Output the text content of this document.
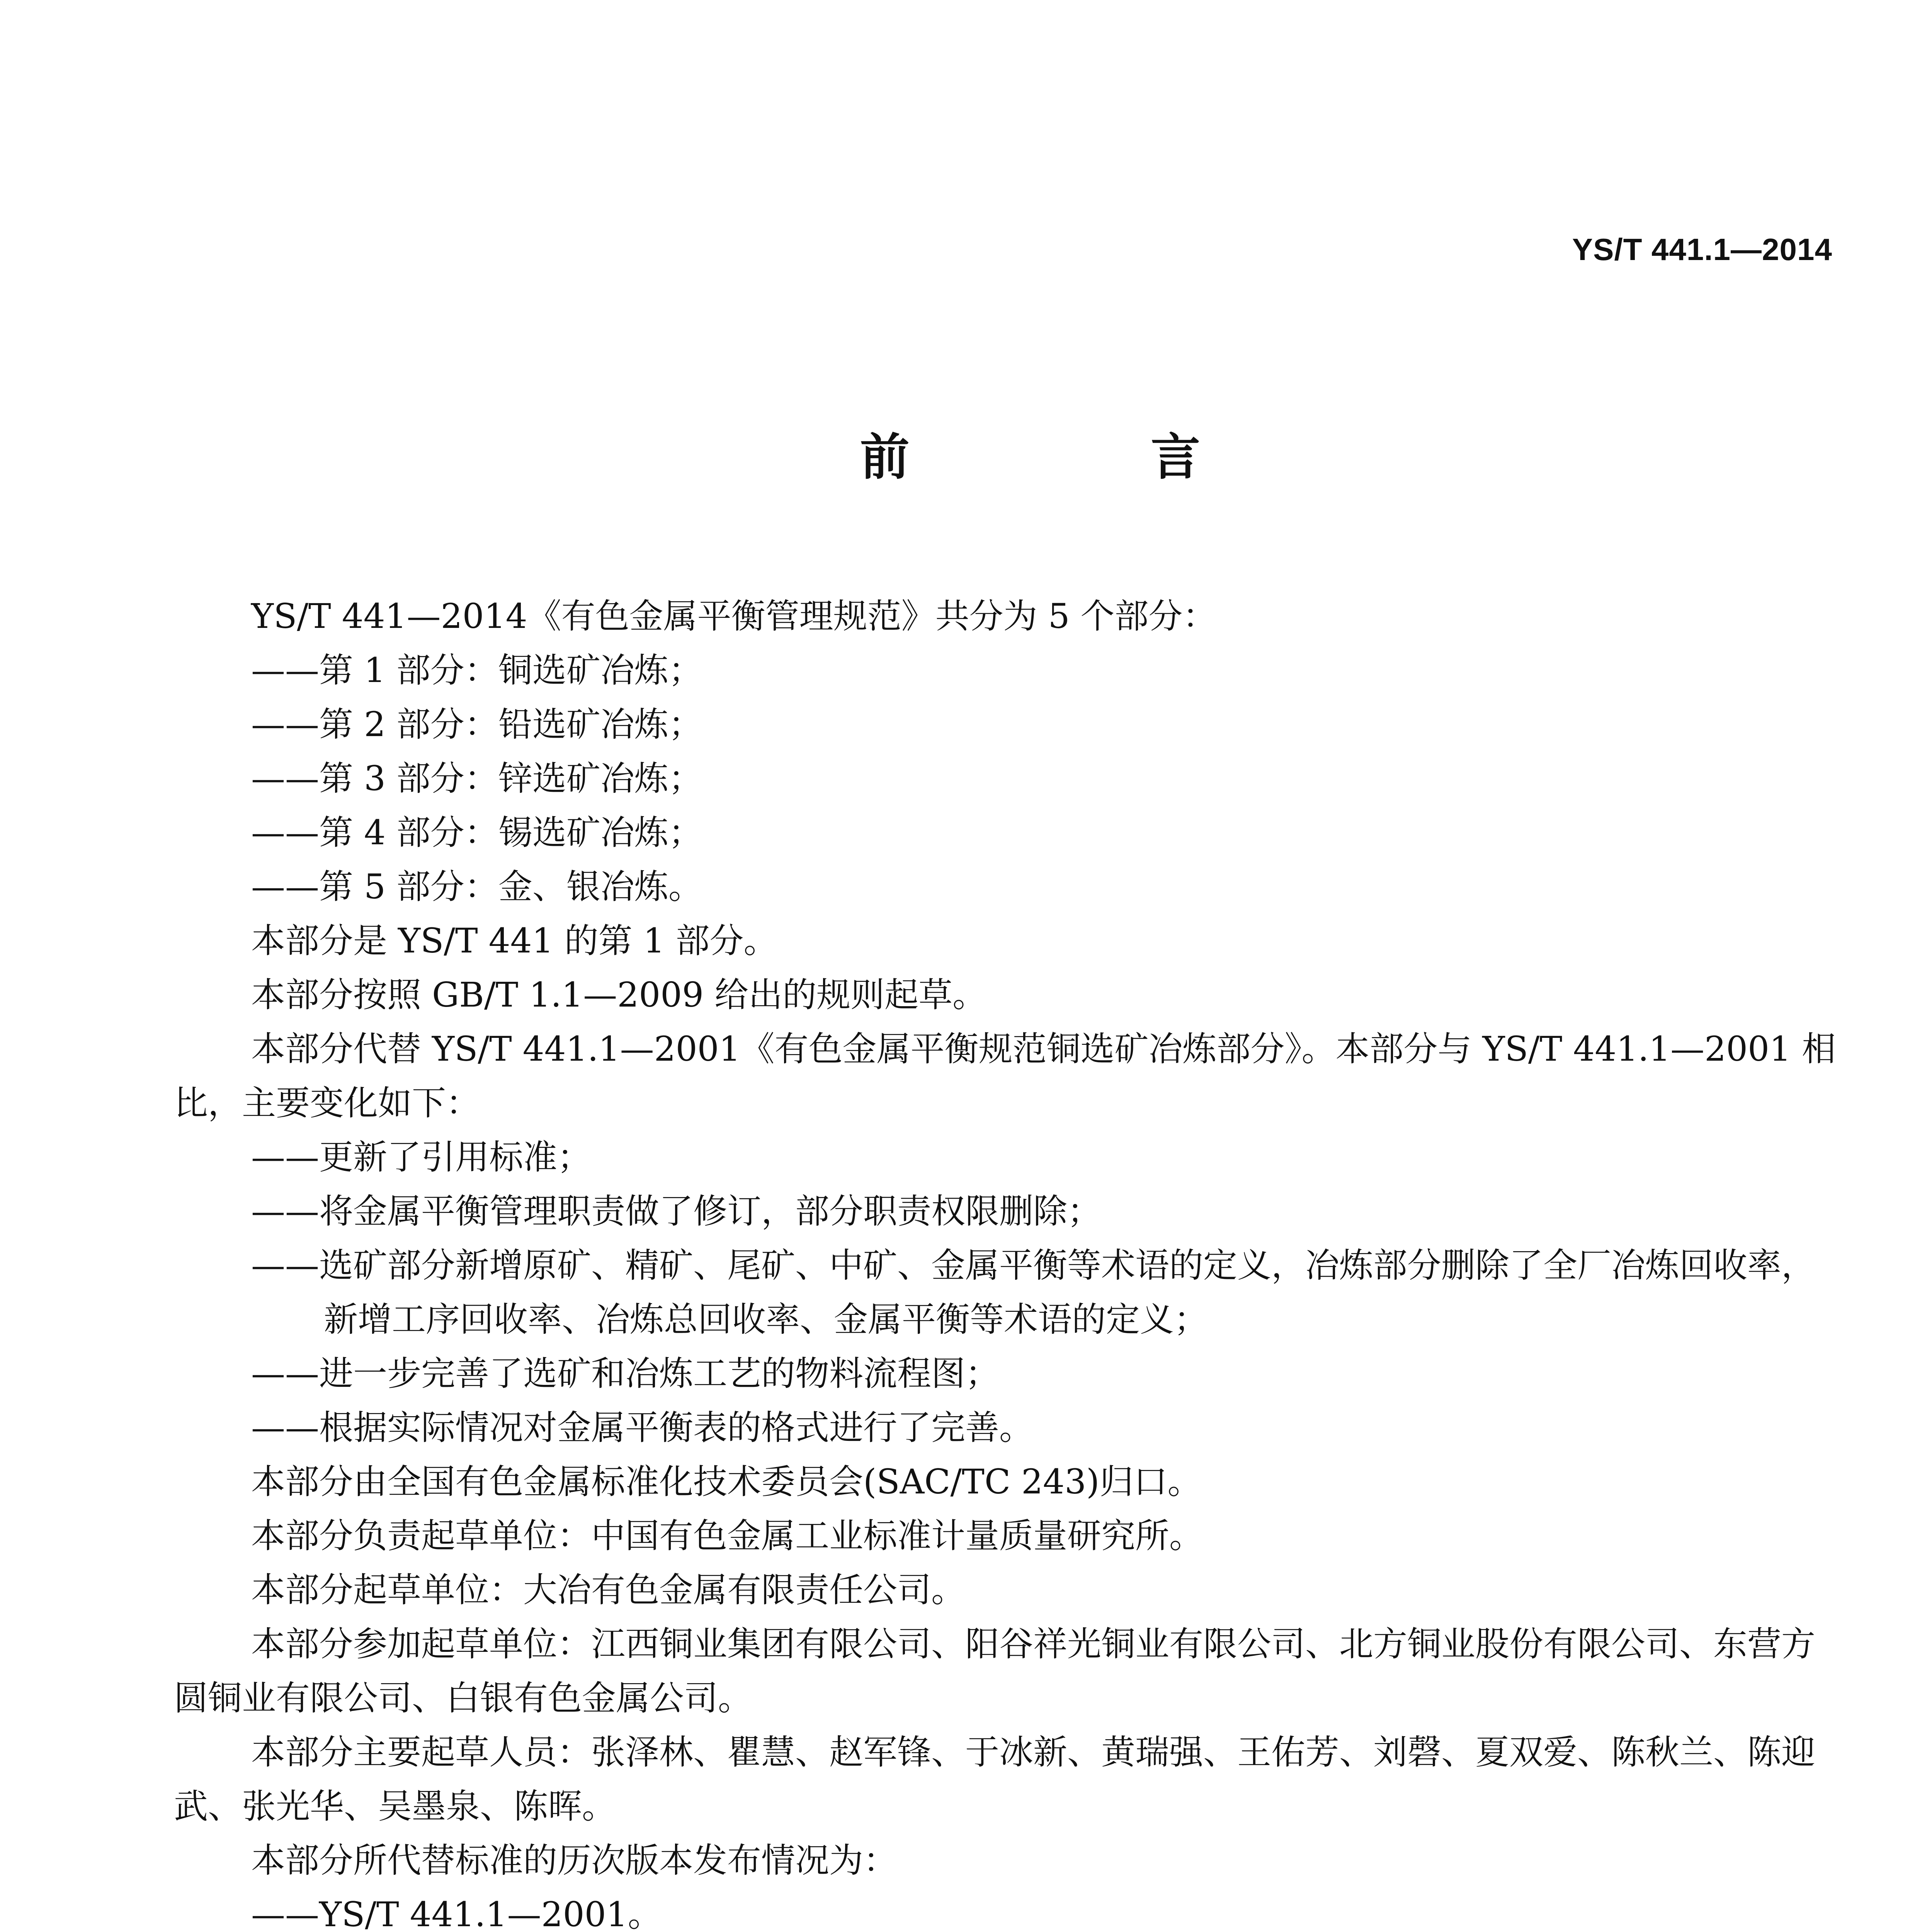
YS/T 441.1—2014
前 言

YS/T 441—2014《有色金属平衡管理规范》共分为 5 个部分：

——第 1 部分：铜选矿冶炼；

——第 2 部分：铅选矿冶炼；

——第 3 部分：锌选矿冶炼；

——第 4 部分：锡选矿冶炼；

——第 5 部分：金、银冶炼。

本部分是 YS/T 441 的第 1 部分。

本部分按照 GB/T 1.1—2009 给出的规则起草。

本部分代替 YS/T 441.1—2001《有色金属平衡规范铜选矿冶炼部分》。本部分与 YS/T 441.1—2001 相比，主要变化如下：

——更新了引用标准；

——将金属平衡管理职责做了修订，部分职责权限删除；

——选矿部分新增原矿、精矿、尾矿、中矿、金属平衡等术语的定义，冶炼部分删除了全厂冶炼回收率，新增工序回收率、冶炼总回收率、金属平衡等术语的定义；

——进一步完善了选矿和冶炼工艺的物料流程图；

——根据实际情况对金属平衡表的格式进行了完善。

本部分由全国有色金属标准化技术委员会(SAC/TC 243)归口。

本部分负责起草单位：中国有色金属工业标准计量质量研究所。

本部分起草单位：大冶有色金属有限责任公司。

本部分参加起草单位：江西铜业集团有限公司、阳谷祥光铜业有限公司、北方铜业股份有限公司、东营方圆铜业有限公司、白银有色金属公司。

本部分主要起草人员：张泽林、瞿慧、赵军锋、于冰新、黄瑞强、王佑芳、刘磬、夏双爱、陈秋兰、陈迎武、张光华、吴墨泉、陈晖。

本部分所代替标准的历次版本发布情况为：

——YS/T 441.1—2001。
